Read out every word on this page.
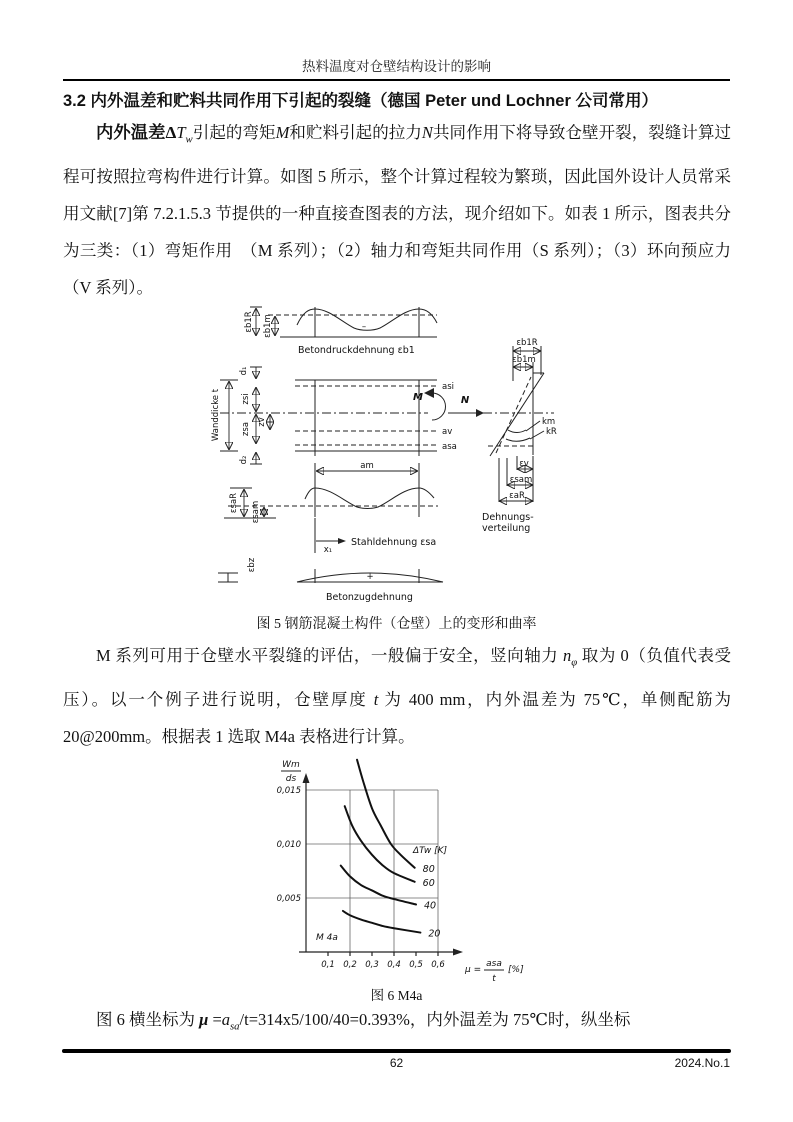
热料温度对仓壁结构设计的影响
3.2 内外温差和贮料共同作用下引起的裂缝（德国 Peter und Lochner 公司常用）

内外温差$\Delta T_w$引起的弯矩M和贮料引起的拉力N共同作用下将导致仓壁开裂，裂缝计算过程可按照拉弯构件进行计算。如图 5 所示，整个计算过程较为繁琐，因此国外设计人员常采用文献[7]第 7.2.1.5.3 节提供的一种直接查图表的方法，现介绍如下。如表 1 所示，图表共分为三类：（1）弯矩作用　（M 系列）；（2）轴力和弯矩共同作用（S 系列）；（3）环向预应力（V 系列）。

εb1R εb1m	–
Betondruckdehnung εb1
Wanddicke t
d₁
zsi
zv
zsa
d₂
asi
av
asa
M	N
εb1R
εb1m
km
kR
εv
εsam
εaR
Dehnungs-
verteilung
am
εsaR εsam
x₁
Stahldehnung εsa
εbz
+
Betonzugdehnung
图 5 钢筋混凝土构件（仓壁）上的变形和曲率

M 系列可用于仓壁水平裂缝的评估，一般偏于安全，竖向轴力 $n_\varphi$ 取为 0（负值代表受压）。以一个例子进行说明，仓壁厚度 t 为 400 mm，内外温差为 75℃，单侧配筋为　20@200mm。根据表 1 选取 M4a 表格进行计算。

0,1 0,2 0,3 0,4 0,5 0,6
0,005
0,010
0,015
80
60
40
20
Wm
ds
μ =
asa
t
[%]
ΔTw [K]
M 4a
图 6 M4a

图 6 横坐标为 $\mu =a_{sa}/t=314x5/100/40=0.393\%$，内外温差为 75℃时，纵坐标

62	2024.No.1
